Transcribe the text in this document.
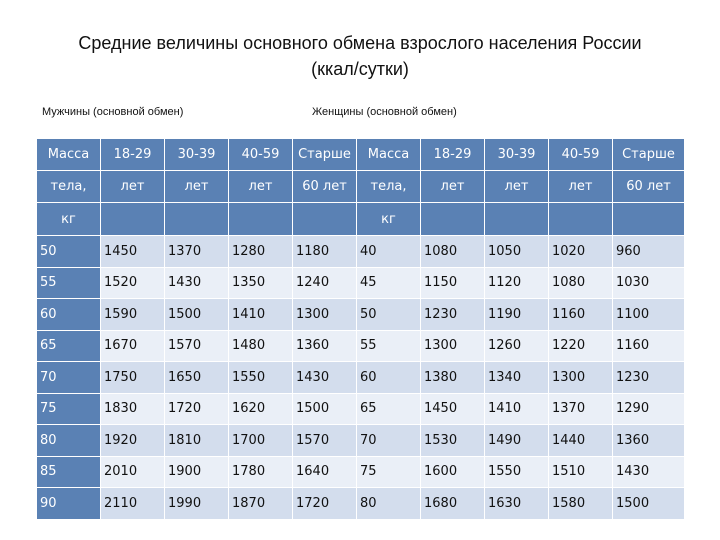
Средние величины основного обмена взрослого населения России
(ккал/сутки)
Мужчины (основной обмен)	Женщины (основной обмен)
Масса	18-29	30-39	40-59	Старше	Масса	18-29	30-39	40-59	Старше
тела,	лет	лет	лет	60 лет	тела,	лет	лет	лет	60 лет
кг					кг				
50	1450	1370	1280	1180	40	1080	1050	1020	960
55	1520	1430	1350	1240	45	1150	1120	1080	1030
60	1590	1500	1410	1300	50	1230	1190	1160	1100
65	1670	1570	1480	1360	55	1300	1260	1220	1160
70	1750	1650	1550	1430	60	1380	1340	1300	1230
75	1830	1720	1620	1500	65	1450	1410	1370	1290
80	1920	1810	1700	1570	70	1530	1490	1440	1360
85	2010	1900	1780	1640	75	1600	1550	1510	1430
90	2110	1990	1870	1720	80	1680	1630	1580	1500
